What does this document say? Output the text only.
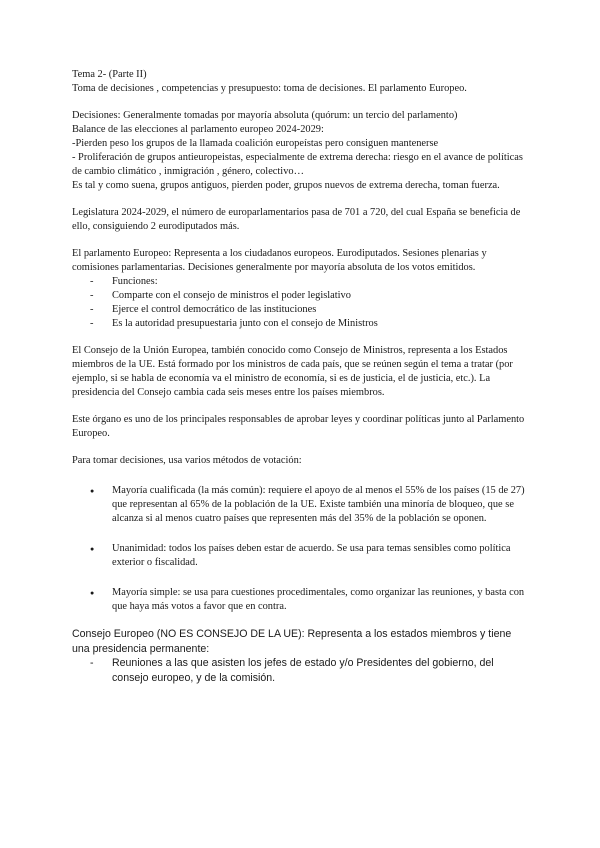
Tema 2- (Parte II)

Toma de decisiones , competencias y presupuesto: toma de decisiones. El parlamento Europeo.

Decisiones: Generalmente tomadas por mayoría absoluta (quórum: un tercio del parlamento)

Balance de las elecciones al parlamento europeo 2024-2029:

-Pierden peso los grupos de la llamada coalición europeístas pero consiguen mantenerse

- Proliferación de grupos antieuropeistas, especialmente de extrema derecha: riesgo en el avance de políticas de cambio climático , inmigración , género, colectivo…

Es tal y como suena, grupos antiguos, pierden poder, grupos nuevos de extrema derecha, toman fuerza.

Legislatura 2024-2029, el número de europarlamentarios pasa de 701 a 720, del cual España se beneficia de ello, consiguiendo 2 eurodiputados más.

El parlamento Europeo: Representa a los ciudadanos europeos. Eurodiputados. Sesiones plenarias y comisiones parlamentarias. Decisiones generalmente por mayoría absoluta de los votos emitidos.

- Funciones:
- Comparte con el consejo de ministros el poder legislativo
- Ejerce el control democrático de las instituciones
- Es la autoridad presupuestaria junto con el consejo de Ministros

El Consejo de la Unión Europea, también conocido como Consejo de Ministros, representa a los Estados miembros de la UE. Está formado por los ministros de cada país, que se reúnen según el tema a tratar (por ejemplo, si se habla de economía va el ministro de economía, si es de justicia, el de justicia, etc.). La presidencia del Consejo cambia cada seis meses entre los países miembros.

Este órgano es uno de los principales responsables de aprobar leyes y coordinar políticas junto al Parlamento Europeo.

Para tomar decisiones, usa varios métodos de votación:

● Mayoría cualificada (la más común): requiere el apoyo de al menos el 55% de los países (15 de 27) que representan al 65% de la población de la UE. Existe también una minoría de bloqueo, que se alcanza si al menos cuatro países que representen más del 35% de la población se oponen.
● Unanimidad: todos los países deben estar de acuerdo. Se usa para temas sensibles como política exterior o fiscalidad.
● Mayoría simple: se usa para cuestiones procedimentales, como organizar las reuniones, y basta con que haya más votos a favor que en contra.

Consejo Europeo (NO ES CONSEJO DE LA UE): Representa a los estados miembros y tiene una presidencia permanente:

- Reuniones a las que asisten los jefes de estado y/o Presidentes del gobierno, del consejo europeo, y de la comisión.
